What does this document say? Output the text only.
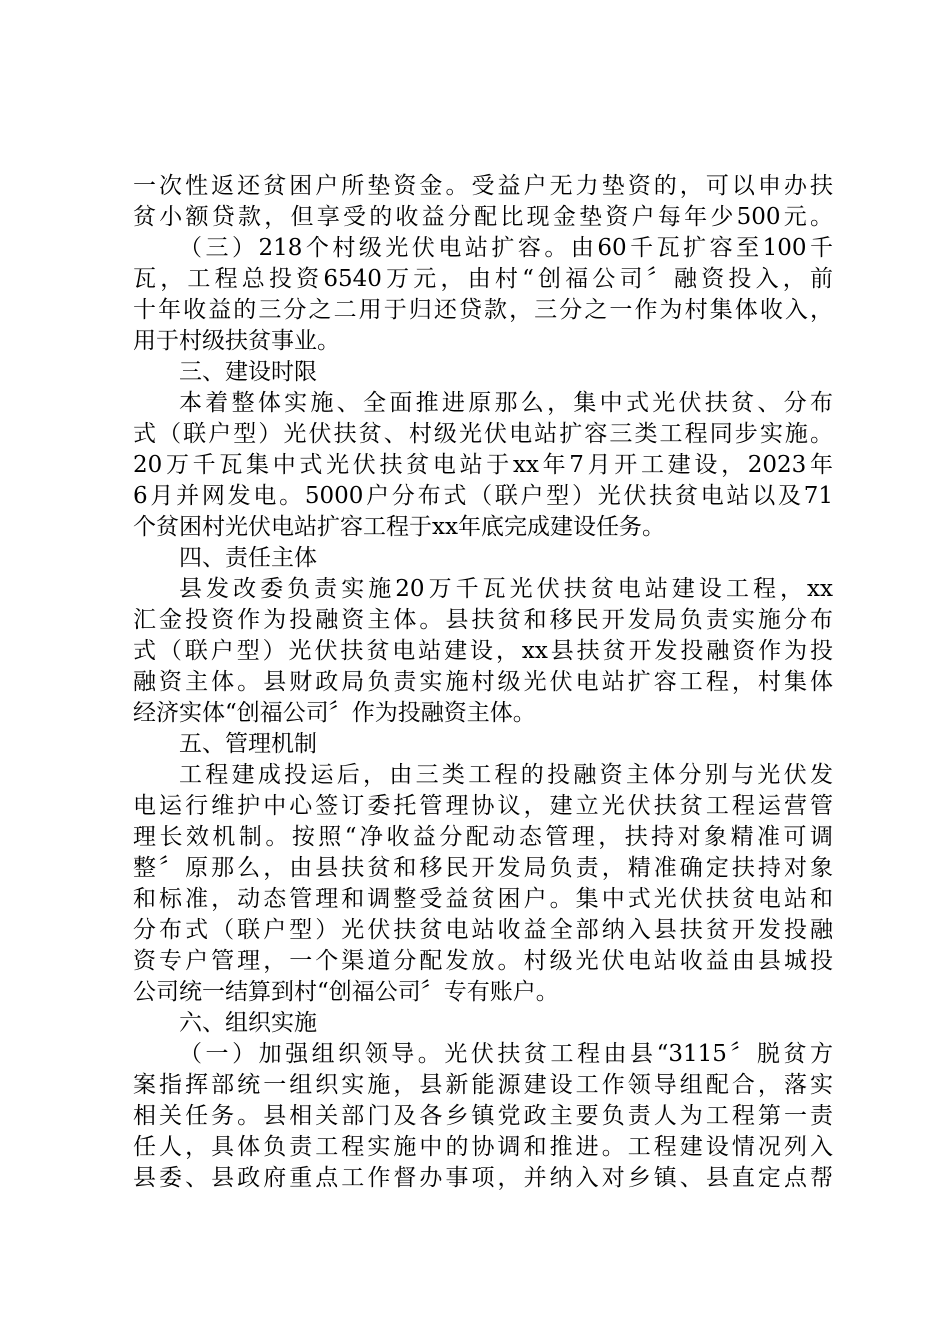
一次性返还贫困户所垫资金。受益户无力垫资的，可以申办扶
贫小额贷款，但享受的收益分配比现金垫资户每年少500元。
（三）218个村级光伏电站扩容。由60千瓦扩容至100千
瓦，工程总投资6540万元，由村“创福公司〞融资投入，前
十年收益的三分之二用于归还贷款，三分之一作为村集体收入，
用于村级扶贫事业。
三、建设时限
本着整体实施、全面推进原那么，集中式光伏扶贫、分布
式（联户型）光伏扶贫、村级光伏电站扩容三类工程同步实施。
20万千瓦集中式光伏扶贫电站于xx年7月开工建设，2023年
6月并网发电。5000户分布式（联户型）光伏扶贫电站以及71
个贫困村光伏电站扩容工程于xx年底完成建设任务。
四、责任主体
县发改委负责实施20万千瓦光伏扶贫电站建设工程，xx
汇金投资作为投融资主体。县扶贫和移民开发局负责实施分布
式（联户型）光伏扶贫电站建设，xx县扶贫开发投融资作为投
融资主体。县财政局负责实施村级光伏电站扩容工程，村集体
经济实体“创福公司〞作为投融资主体。
五、管理机制
工程建成投运后，由三类工程的投融资主体分别与光伏发
电运行维护中心签订委托管理协议，建立光伏扶贫工程运营管
理长效机制。按照“净收益分配动态管理，扶持对象精准可调
整〞原那么，由县扶贫和移民开发局负责，精准确定扶持对象
和标准，动态管理和调整受益贫困户。集中式光伏扶贫电站和
分布式（联户型）光伏扶贫电站收益全部纳入县扶贫开发投融
资专户管理，一个渠道分配发放。村级光伏电站收益由县城投
公司统一结算到村“创福公司〞专有账户。
六、组织实施
（一）加强组织领导。光伏扶贫工程由县“3115〞脱贫方
案指挥部统一组织实施，县新能源建设工作领导组配合，落实
相关任务。县相关部门及各乡镇党政主要负责人为工程第一责
任人，具体负责工程实施中的协调和推进。工程建设情况列入
县委、县政府重点工作督办事项，并纳入对乡镇、县直定点帮
